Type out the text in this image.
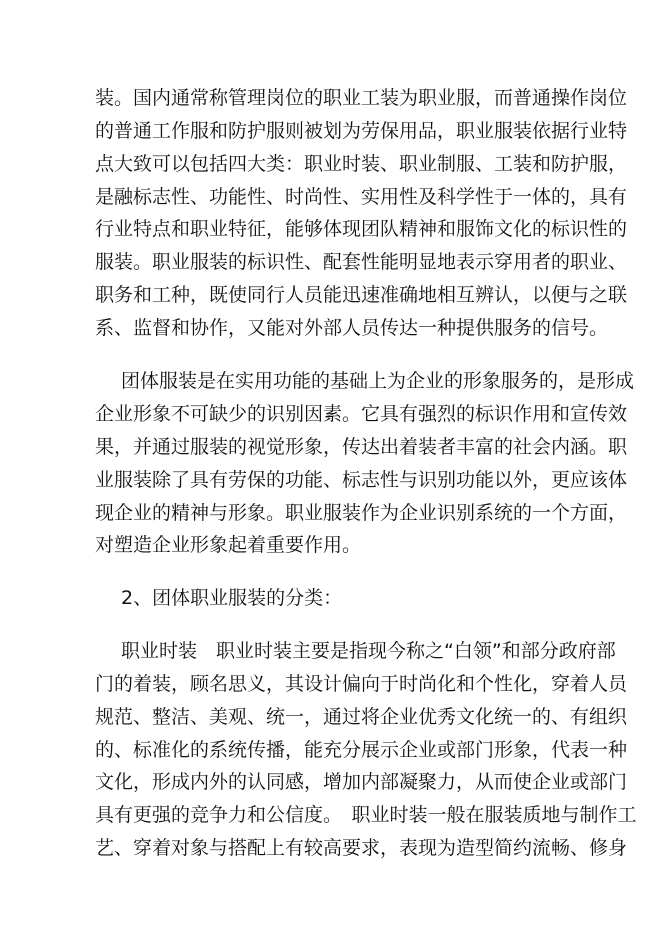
装。国内通常称管理岗位的职业工装为职业服，而普通操作岗位
的普通工作服和防护服则被划为劳保用品，职业服装依据行业特
点大致可以包括四大类：职业时装、职业制服、工装和防护服，
是融标志性、功能性、时尚性、实用性及科学性于一体的，具有
行业特点和职业特征，能够体现团队精神和服饰文化的标识性的
服装。职业服装的标识性、配套性能明显地表示穿用者的职业、
职务和工种，既使同行人员能迅速准确地相互辨认，以便与之联
系、监督和协作，又能对外部人员传达一种提供服务的信号。
团体服装是在实用功能的基础上为企业的形象服务的，是形成
企业形象不可缺少的识别因素。它具有强烈的标识作用和宣传效
果，并通过服装的视觉形象，传达出着装者丰富的社会内涵。职
业服装除了具有劳保的功能、标志性与识别功能以外，更应该体
现企业的精神与形象。职业服装作为企业识别系统的一个方面，
对塑造企业形象起着重要作用。
2、团体职业服装的分类：
职业时装　职业时装主要是指现今称之“白领”和部分政府部
门的着装，顾名思义，其设计偏向于时尚化和个性化，穿着人员
规范、整洁、美观、统一，通过将企业优秀文化统一的、有组织
的、标准化的系统传播，能充分展示企业或部门形象，代表一种
文化，形成内外的认同感，增加内部凝聚力，从而使企业或部门
具有更强的竞争力和公信度。　职业时装一般在服装质地与制作工
艺、穿着对象与搭配上有较高要求，表现为造型简约流畅、修身
